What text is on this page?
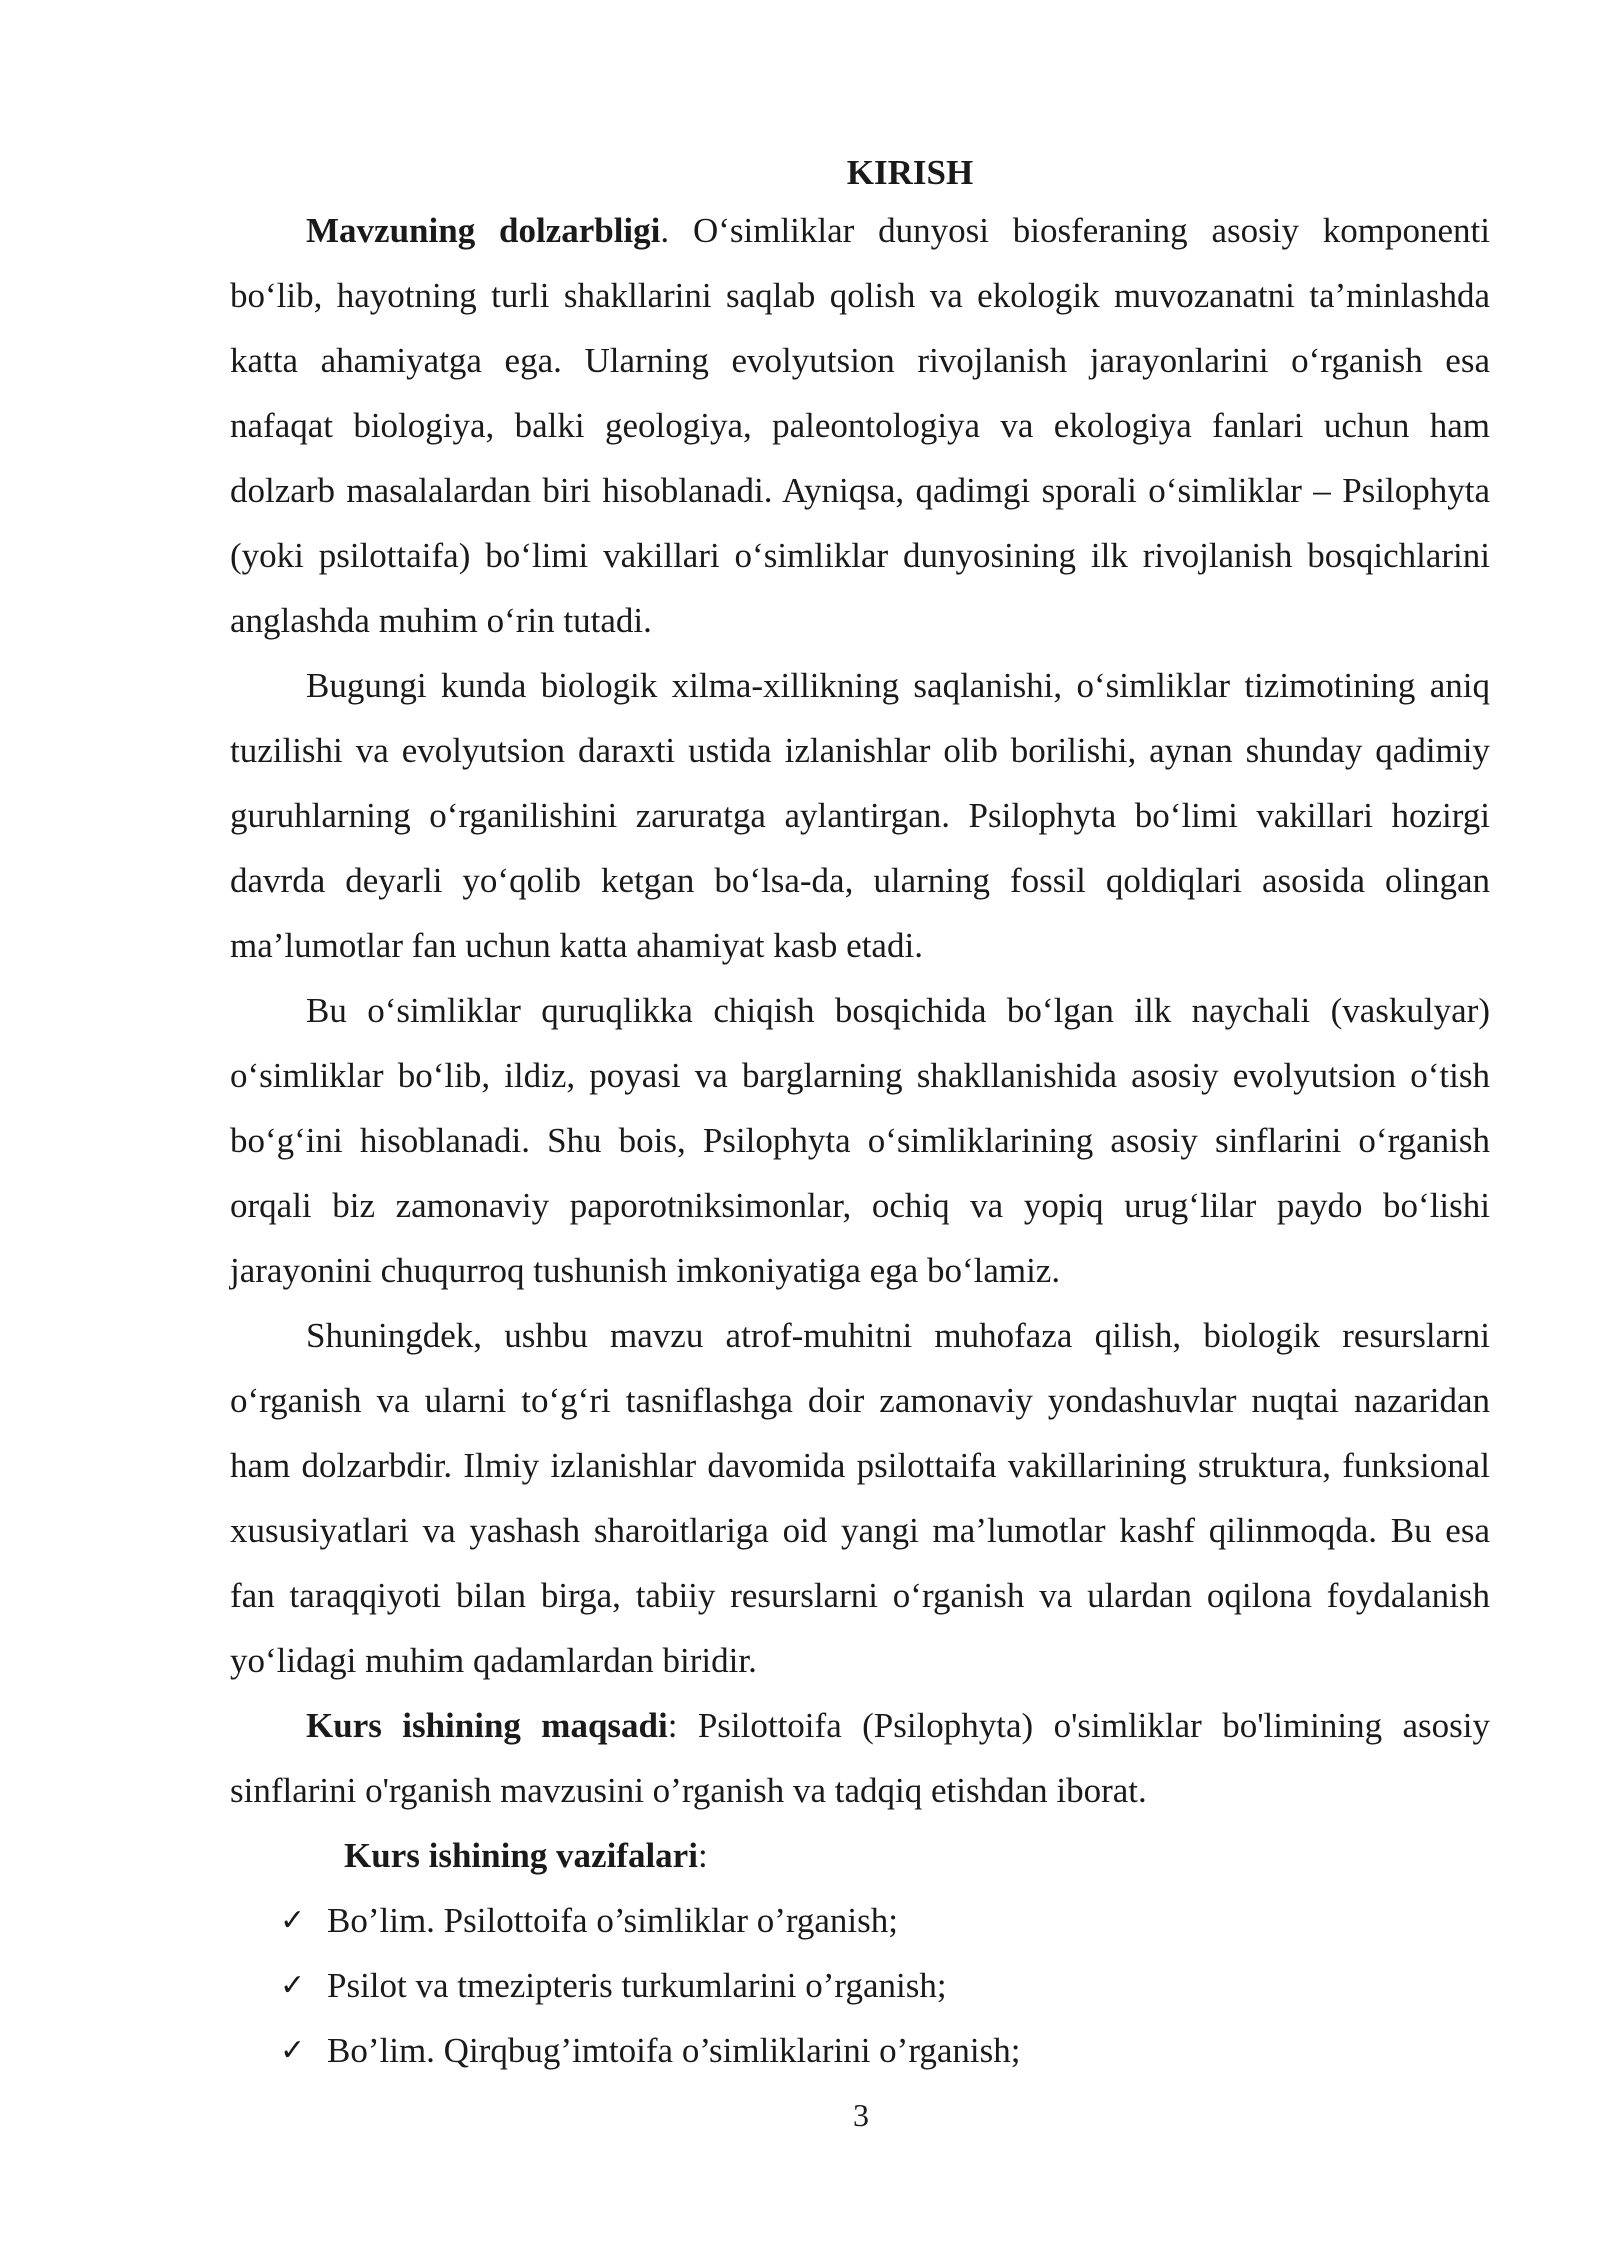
KIRISH

Mavzuning dolzarbligi. O‘simliklar dunyosi biosferaning asosiy komponenti bo‘lib, hayotning turli shakllarini saqlab qolish va ekologik muvozanatni ta’minlashda katta ahamiyatga ega. Ularning evolyutsion rivojlanish jarayonlarini o‘rganish esa nafaqat biologiya, balki geologiya, paleontologiya va ekologiya fanlari uchun ham dolzarb masalalardan biri hisoblanadi. Ayniqsa, qadimgi sporali o‘simliklar – Psilophyta (yoki psilottaifa) bo‘limi vakillari o‘simliklar dunyosining ilk rivojlanish bosqichlarini anglashda muhim o‘rin tutadi.

Bugungi kunda biologik xilma-xillikning saqlanishi, o‘simliklar tizimotining aniq tuzilishi va evolyutsion daraxti ustida izlanishlar olib borilishi, aynan shunday qadimiy guruhlarning o‘rganilishini zaruratga aylantirgan. Psilophyta bo‘limi vakillari hozirgi davrda deyarli yo‘qolib ketgan bo‘lsa-da, ularning fossil qoldiqlari asosida olingan ma’lumotlar fan uchun katta ahamiyat kasb etadi.

Bu o‘simliklar quruqlikka chiqish bosqichida bo‘lgan ilk naychali (vaskulyar) o‘simliklar bo‘lib, ildiz, poyasi va barglarning shakllanishida asosiy evolyutsion o‘tish bo‘g‘ini hisoblanadi. Shu bois, Psilophyta o‘simliklarining asosiy sinflarini o‘rganish orqali biz zamonaviy paporotniksimonlar, ochiq va yopiq urug‘lilar paydo bo‘lishi jarayonini chuqurroq tushunish imkoniyatiga ega bo‘lamiz.

Shuningdek, ushbu mavzu atrof-muhitni muhofaza qilish, biologik resurslarni o‘rganish va ularni to‘g‘ri tasniflashga doir zamonaviy yondashuvlar nuqtai nazaridan ham dolzarbdir. Ilmiy izlanishlar davomida psilottaifa vakillarining struktura, funksional xususiyatlari va yashash sharoitlariga oid yangi ma’lumotlar kashf qilinmoqda. Bu esa fan taraqqiyoti bilan birga, tabiiy resurslarni o‘rganish va ulardan oqilona foydalanish yo‘lidagi muhim qadamlardan biridir.

Kurs ishining maqsadi: Psilottoifa (Psilophyta) o'simliklar bo'limining asosiy sinflarini o'rganish mavzusini o’rganish va tadqiq etishdan iborat.

Kurs ishining vazifalari:
✓ Bo’lim. Psilottoifa o’simliklar o’rganish;
✓ Psilot va tmezipteris turkumlarini o’rganish;
✓ Bo’lim. Qirqbug’imtoifa o’simliklarini o’rganish;
3
